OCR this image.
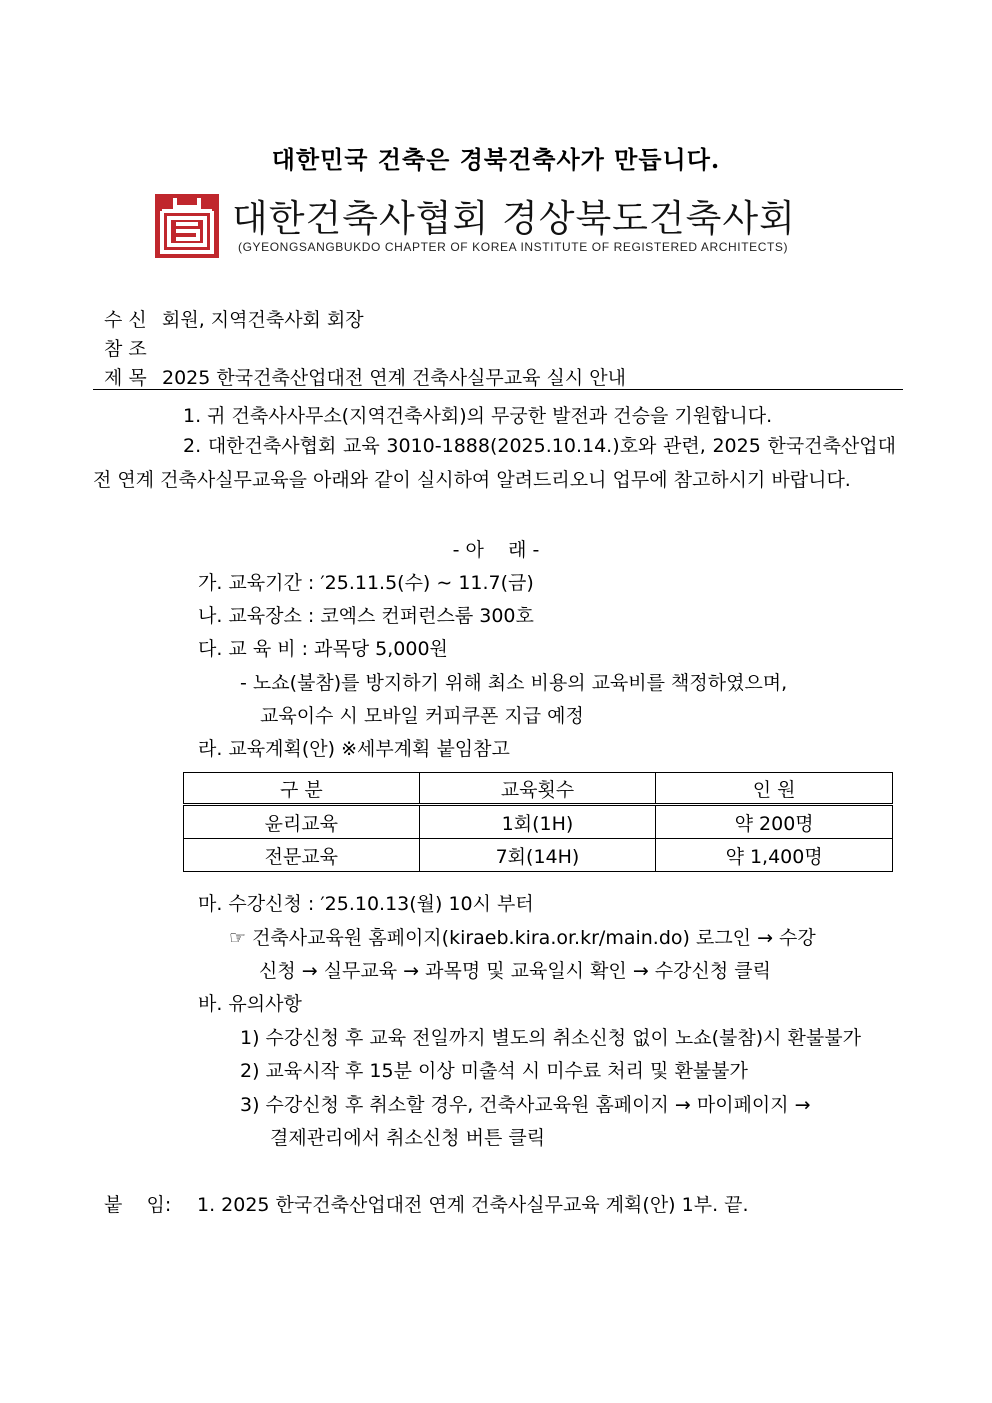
대한민국 건축은 경북건축사가 만듭니다.
대한건축사협회 경상북도건축사회
(GYEONGSANGBUKDO CHAPTER OF KOREA INSTITUTE OF REGISTERED ARCHITECTS)
수 신 회원, 지역건축사회 회장
참 조
제 목 2025 한국건축산업대전 연계 건축사실무교육 실시 안내
1. 귀 건축사사무소(지역건축사회)의 무궁한 발전과 건승을 기원합니다.
2. 대한건축사협회 교육 3010-1888(2025.10.14.)호와 관련, 2025 한국건축산업대전 연계 건축사실무교육을 아래와 같이 실시하여 알려드리오니 업무에 참고하시기 바랍니다.
- 아    래 -
가. 교육기간 : ′25.11.5(수) ∼ 11.7(금)
나. 교육장소 : 코엑스 컨퍼런스룸 300호
다. 교 육 비 : 과목당 5,000원
- 노쇼(불참)를 방지하기 위해 최소 비용의 교육비를 책정하였으며,
교육이수 시 모바일 커피쿠폰 지급 예정
라. 교육계획(안) ※세부계획 붙임참고
구 분	교육횟수	인 원
윤리교육	1회(1H)	약 200명
전문교육	7회(14H)	약 1,400명
마. 수강신청 : ′25.10.13(월) 10시 부터
☞ 건축사교육원 홈페이지(kiraeb.kira.or.kr/main.do) 로그인 → 수강
신청 → 실무교육 → 과목명 및 교육일시 확인 → 수강신청 클릭
바. 유의사항
1) 수강신청 후 교육 전일까지 별도의 취소신청 없이 노쇼(불참)시 환불불가
2) 교육시작 후 15분 이상 미출석 시 미수료 처리 및 환불불가
3) 수강신청 후 취소할 경우, 건축사교육원 홈페이지 → 마이페이지 →
결제관리에서 취소신청 버튼 클릭
붙    임: 1. 2025 한국건축산업대전 연계 건축사실무교육 계획(안) 1부. 끝.
